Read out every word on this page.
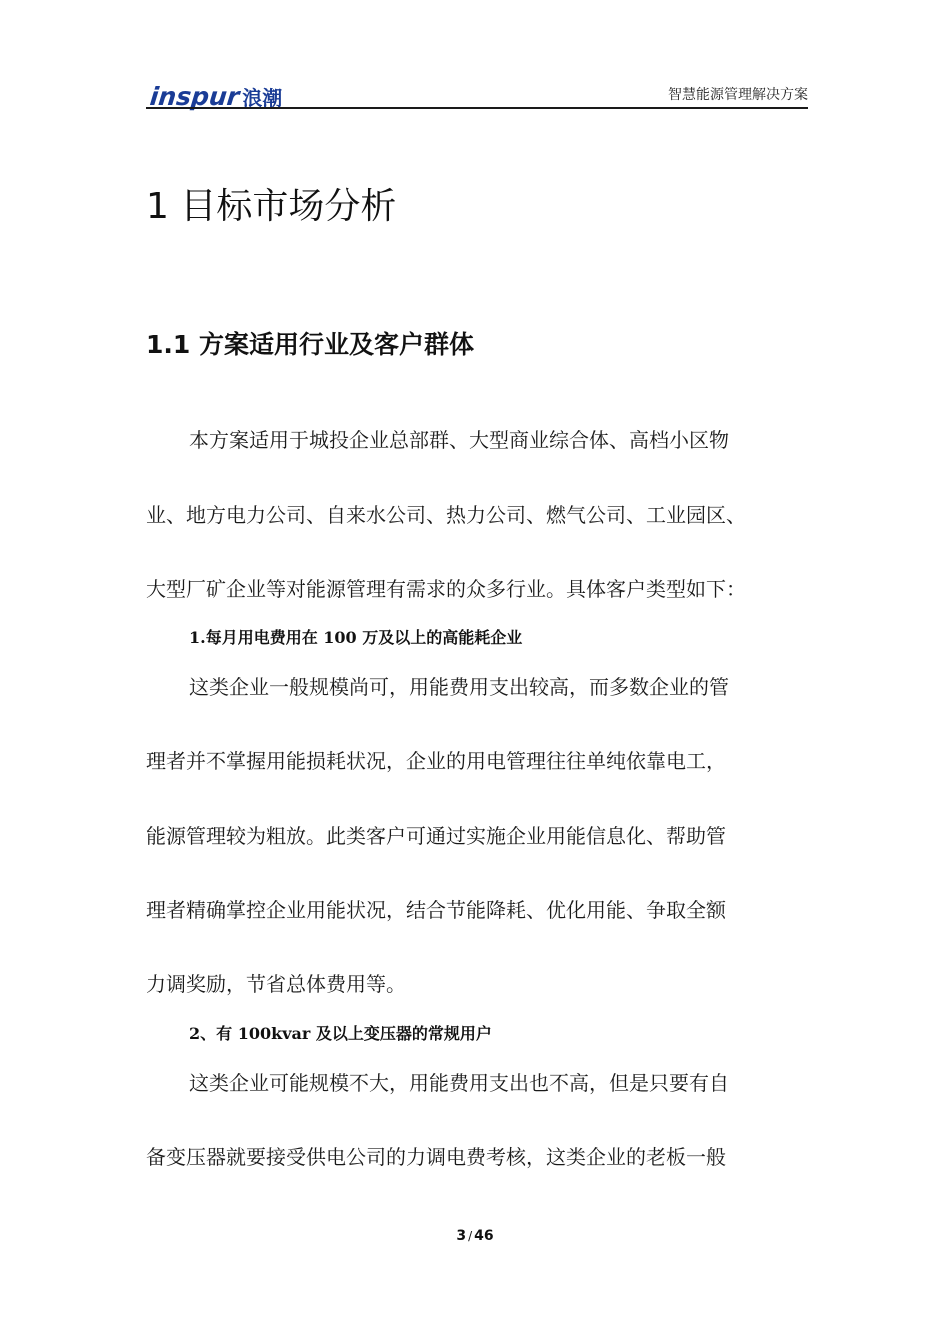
inspur 浪潮	智慧能源管理解决方案
1 目标市场分析
1.1 方案适用行业及客户群体
本方案适用于城投企业总部群、大型商业综合体、高档小区物
业、地方电力公司、自来水公司、热力公司、燃气公司、工业园区、
大型厂矿企业等对能源管理有需求的众多行业。具体客户类型如下：
1.每月用电费用在 100 万及以上的高能耗企业
这类企业一般规模尚可，用能费用支出较高，而多数企业的管
理者并不掌握用能损耗状况，企业的用电管理往往单纯依靠电工，
能源管理较为粗放。此类客户可通过实施企业用能信息化、帮助管
理者精确掌控企业用能状况，结合节能降耗、优化用能、争取全额
力调奖励，节省总体费用等。
2、有 100kvar 及以上变压器的常规用户
这类企业可能规模不大，用能费用支出也不高，但是只要有自
备变压器就要接受供电公司的力调电费考核，这类企业的老板一般
3 / 46
